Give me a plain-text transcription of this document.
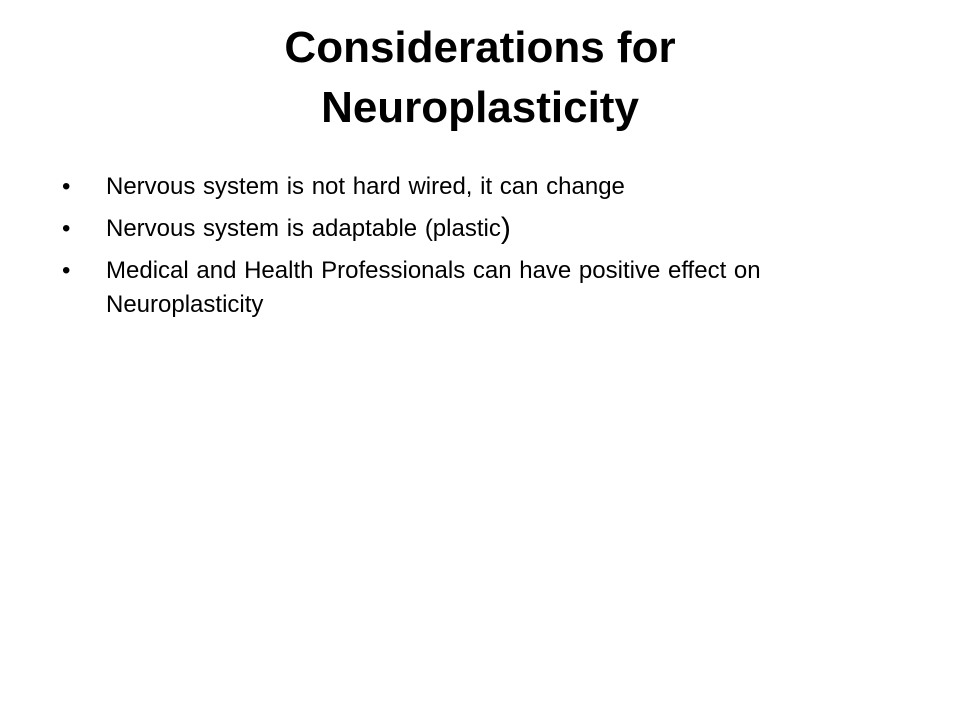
Considerations for
Neuroplasticity
•	Nervous system is not hard wired, it can change
•	Nervous system is adaptable (plastic)
•	Medical and Health Professionals can have positive effect on Neuroplasticity
